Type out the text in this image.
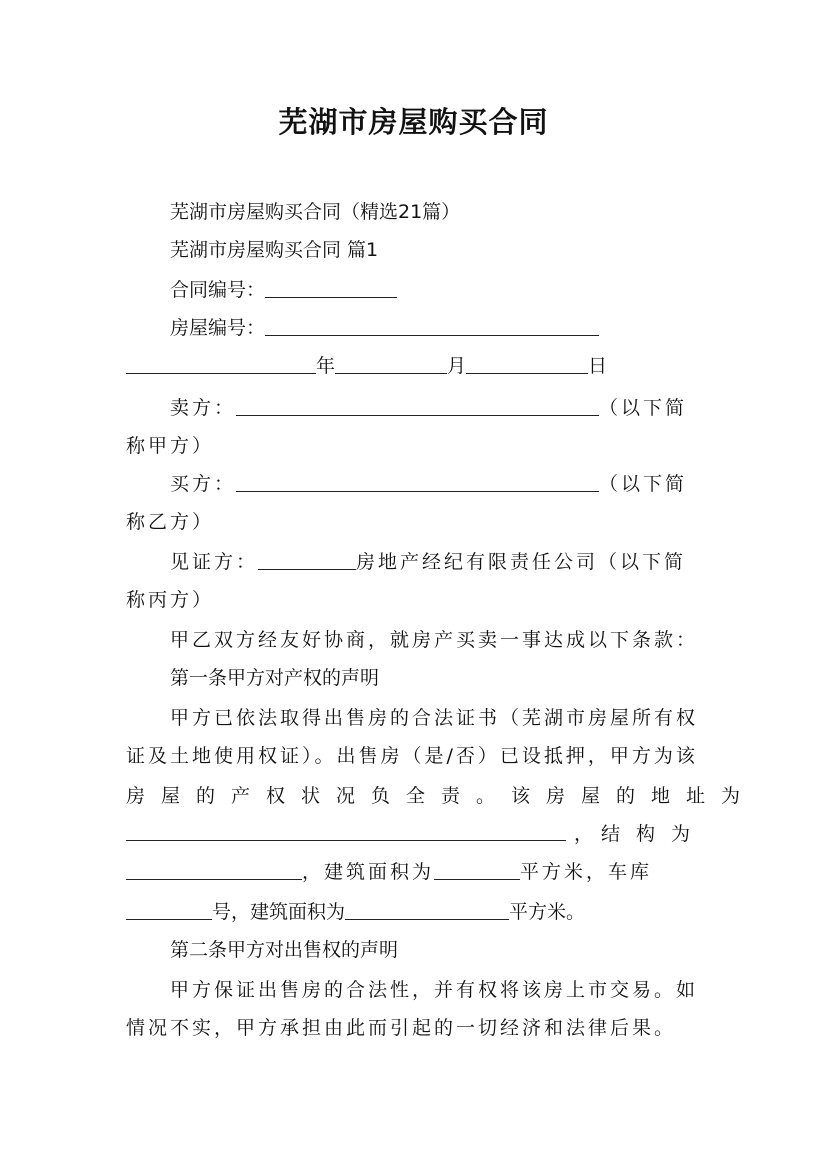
芜湖市房屋购买合同
芜湖市房屋购买合同（精选21篇）
芜湖市房屋购买合同 篇1
合同编号：
房屋编号：
年	月	日
卖方：	（以下简
称甲方）
买方：	（以下简
称乙方）
见证方：	房地产经纪有限责任公司（以下简
称丙方）
甲乙双方经友好协商，就房产买卖一事达成以下条款：
第一条甲方对产权的声明
甲方已依法取得出售房的合法证书（芜湖市房屋所有权
证及土地使用权证）。出售房（是/否）已设抵押，甲方为该
房屋的产权状况负全责。该房屋的地址为
， 结构为
，建筑面积为	平方米，车库
号，建筑面积为	平方米。
第二条甲方对出售权的声明
甲方保证出售房的合法性，并有权将该房上市交易。如
情况不实，甲方承担由此而引起的一切经济和法律后果。
